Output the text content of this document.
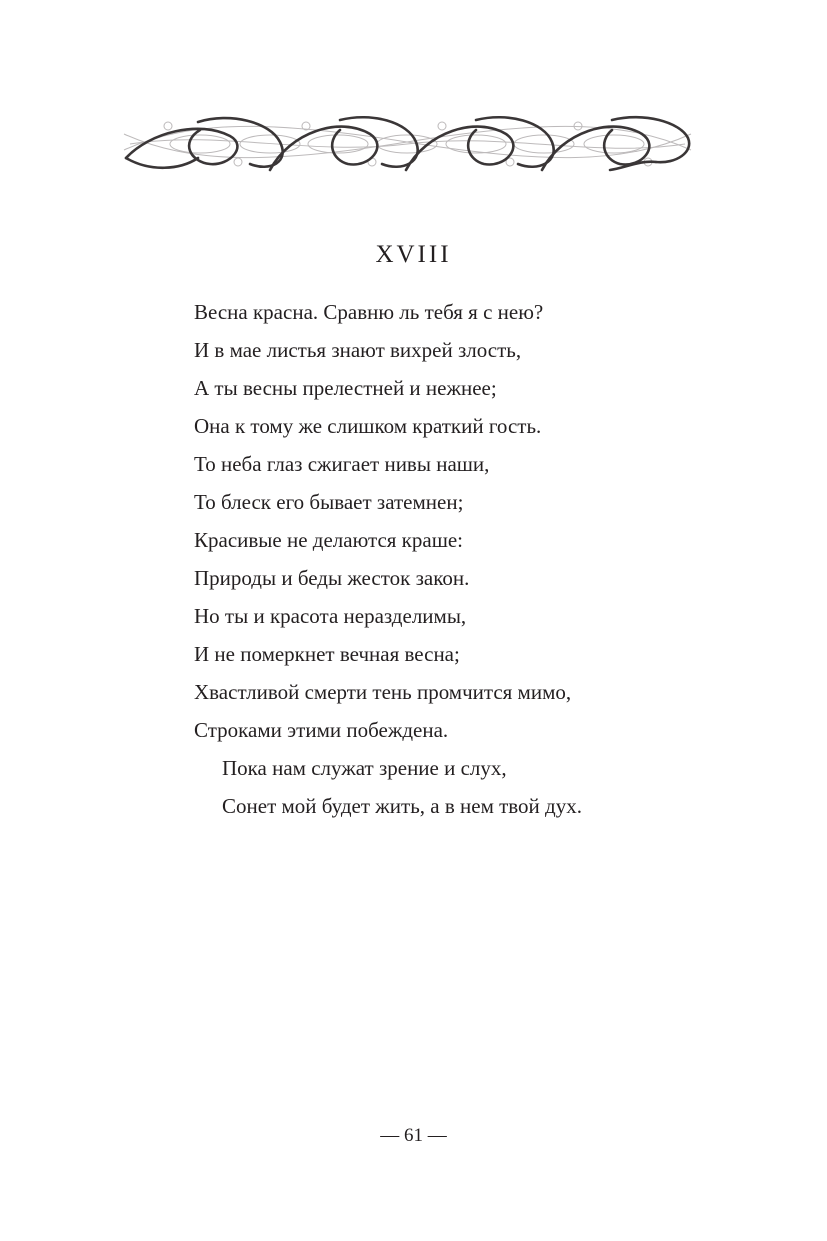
XVIII
Весна красна. Сравню ль тебя я с нею?
И в мае листья знают вихрей злость,
А ты весны прелестней и нежнее;
Она к тому же слишком краткий гость.
То неба глаз сжигает нивы наши,
То блеск его бывает затемнен;
Красивые не делаются краше:
Природы и беды жесток закон.
Но ты и красота неразделимы,
И не померкнет вечная весна;
Хвастливой смерти тень промчится мимо,
Строками этими побеждена.
Пока нам служат зрение и слух,
Сонет мой будет жить, а в нем твой дух.
— 61 —
